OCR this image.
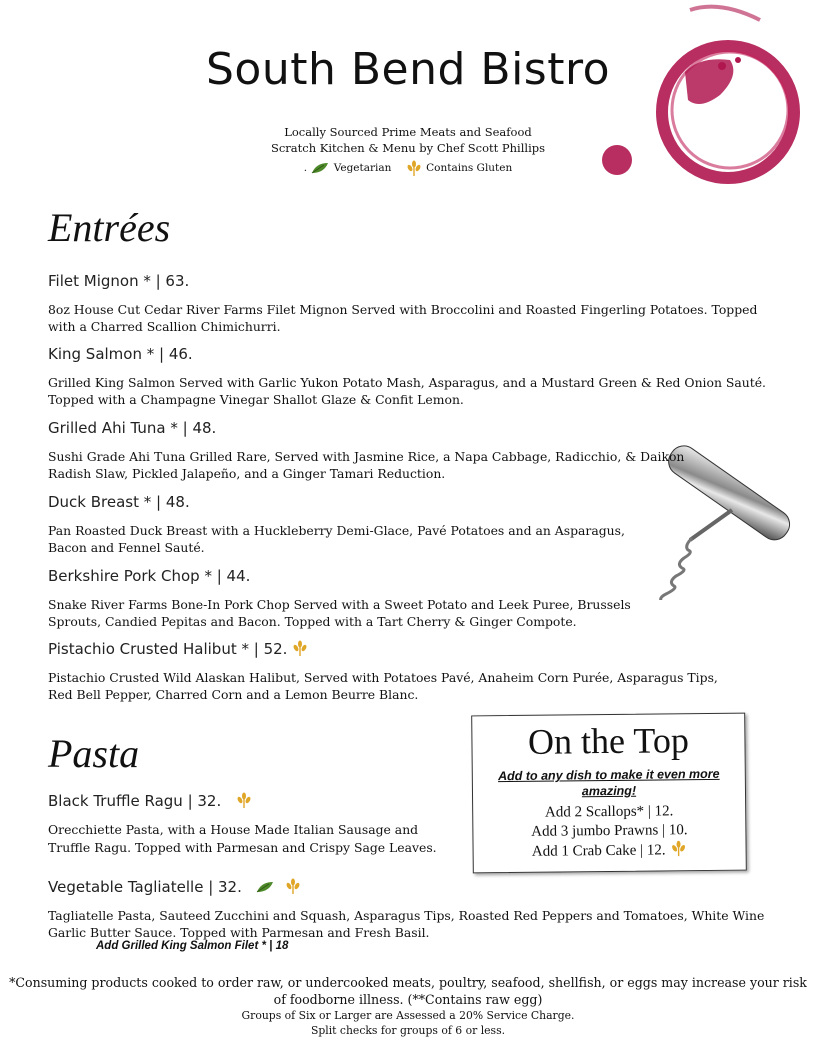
South Bend Bistro
Locally Sourced Prime Meats and Seafood
Scratch Kitchen & Menu by Chef Scott Phillips
.	Vegetarian	Contains Gluten
Entrées
Filet Mignon * | 63.
8oz House Cut Cedar River Farms Filet Mignon Served with Broccolini and Roasted Fingerling Potatoes. Topped
with a Charred Scallion Chimichurri.
King Salmon * | 46.
Grilled King Salmon Served with Garlic Yukon Potato Mash, Asparagus, and a Mustard Green & Red Onion Sauté.
Topped with a Champagne Vinegar Shallot Glaze & Confit Lemon.
Grilled Ahi Tuna * | 48.
Sushi Grade Ahi Tuna Grilled Rare, Served with Jasmine Rice, a Napa Cabbage, Radicchio, & Daikon
Radish Slaw, Pickled Jalapeño, and a Ginger Tamari Reduction.
Duck Breast * | 48.
Pan Roasted Duck Breast with a Huckleberry Demi-Glace, Pavé Potatoes and an Asparagus,
Bacon and Fennel Sauté.
Berkshire Pork Chop * | 44.
Snake River Farms Bone-In Pork Chop Served with a Sweet Potato and Leek Puree, Brussels
Sprouts, Candied Pepitas and Bacon. Topped with a Tart Cherry & Ginger Compote.
Pistachio Crusted Halibut * | 52.
Pistachio Crusted Wild Alaskan Halibut, Served with Potatoes Pavé, Anaheim Corn Purée, Asparagus Tips,
Red Bell Pepper, Charred Corn and a Lemon Beurre Blanc.
Pasta
Black Truffle Ragu | 32.
Orecchiette Pasta, with a House Made Italian Sausage and
Truffle Ragu. Topped with Parmesan and Crispy Sage Leaves.
Vegetable Tagliatelle | 32.
Tagliatelle Pasta, Sauteed Zucchini and Squash, Asparagus Tips, Roasted Red Peppers and Tomatoes, White Wine
Garlic Butter Sauce. Topped with Parmesan and Fresh Basil.
Add Grilled King Salmon Filet * | 18
On the Top
Add to any dish to make it even more amazing!
Add 2 Scallops* | 12.
Add 3 jumbo Prawns | 10.
Add 1 Crab Cake | 12.
*Consuming products cooked to order raw, or undercooked meats, poultry, seafood, shellfish, or eggs may increase your risk of foodborne illness. (**Contains raw egg)
Groups of Six or Larger are Assessed a 20% Service Charge.
Split checks for groups of 6 or less.
